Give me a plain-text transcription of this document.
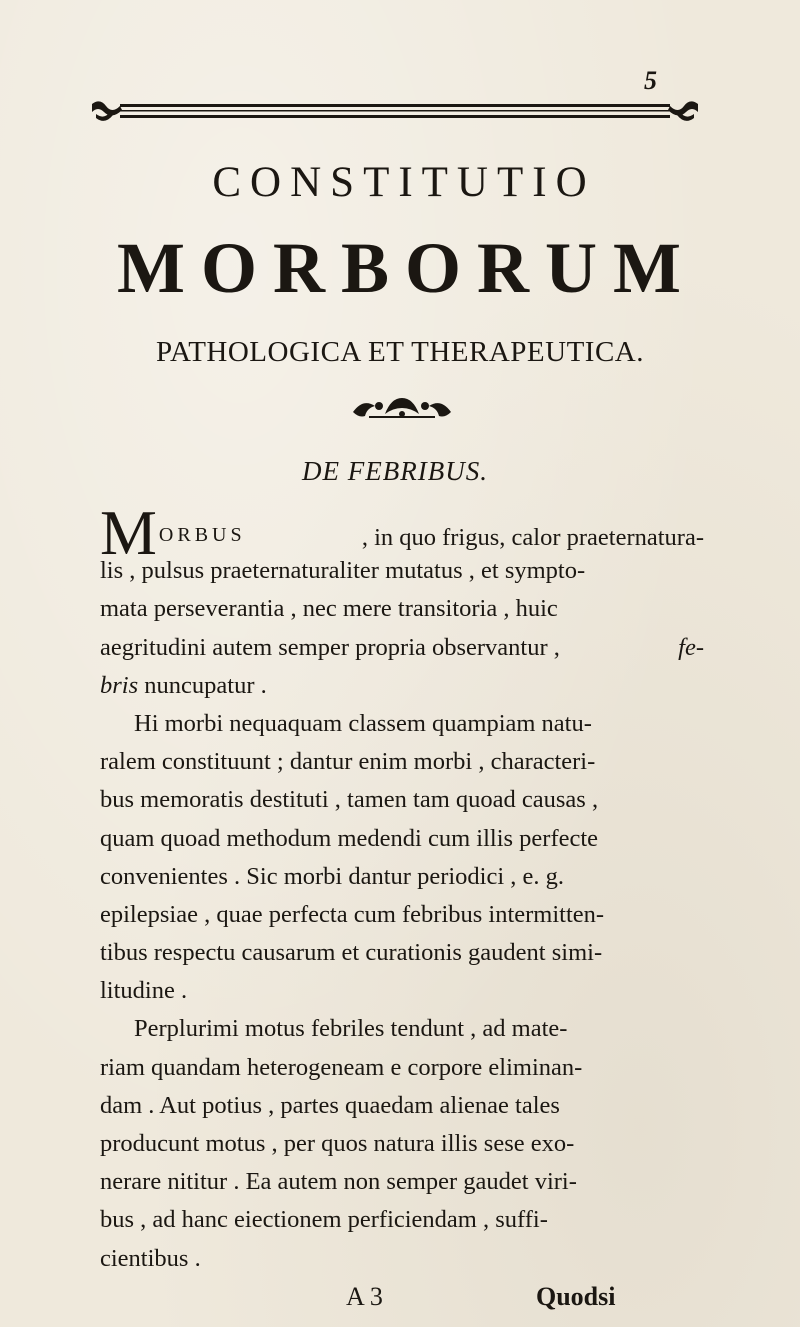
5
CONSTITUTIO
MORBORUM
PATHOLOGICA ET THERAPEUTICA.
DE FEBRIBUS.
M ORBUS	, in quo frigus, calor praeternatura-
lis , pulsus praeternaturaliter mutatus , et sympto-
mata perseverantia , nec mere transitoria , huic
aegritudini autem semper propria observantur ,	fe-
bris nuncupatur .
Hi morbi nequaquam classem quampiam natu-
ralem constituunt ; dantur enim morbi , characteri-
bus memoratis destituti , tamen tam quoad causas ,
quam quoad methodum medendi cum illis perfecte
convenientes . Sic morbi dantur periodici , e. g.
epilepsiae , quae perfecta cum febribus intermitten-
tibus respectu causarum et curationis gaudent simi-
litudine .
Perplurimi motus febriles tendunt , ad mate-
riam quandam heterogeneam e corpore eliminan-
dam . Aut potius , partes quaedam alienae tales
producunt motus , per quos natura illis sese exo-
nerare nititur . Ea autem non semper gaudet viri-
bus , ad hanc eiectionem perficiendam , suffi-
cientibus .
A 3	Quodsi
